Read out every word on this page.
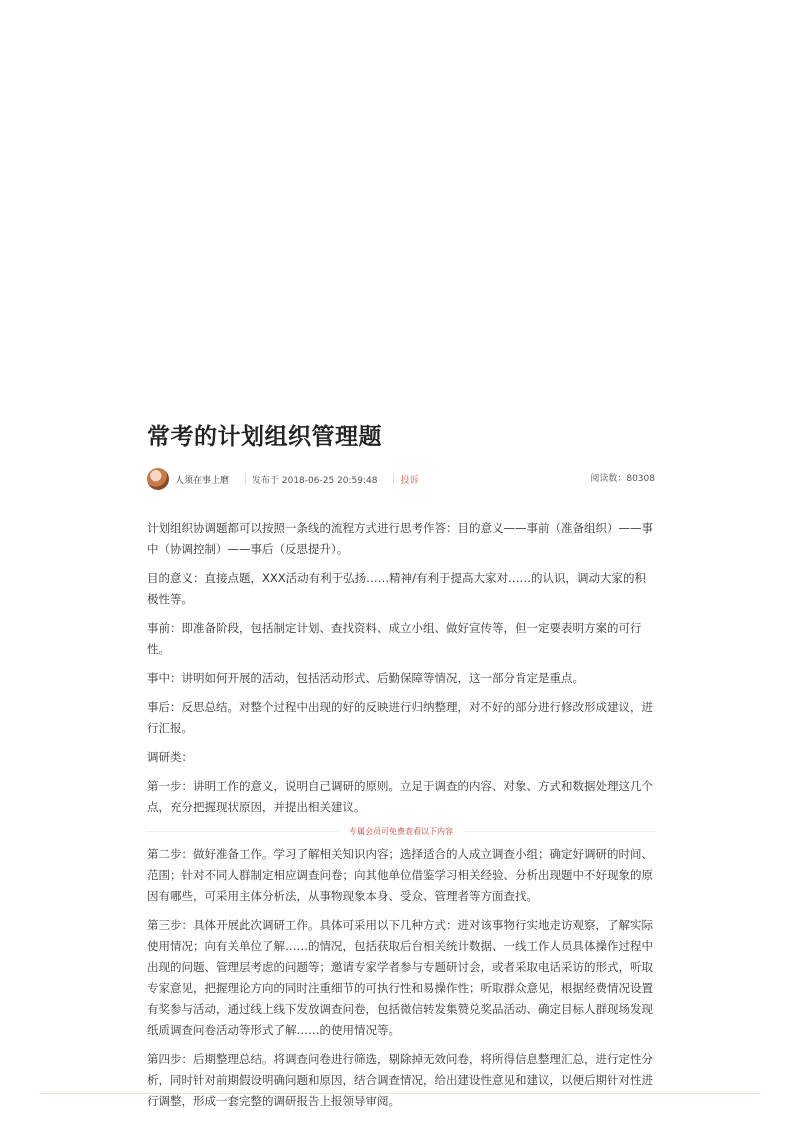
常考的计划组织管理题
人须在事上磨	发布于 2018-06-25 20:59:48	投诉	阅读数：80308

计划组织协调题都可以按照一条线的流程方式进行思考作答：目的意义——事前（准备组织）——事中（协调控制）——事后（反思提升）。

目的意义：直接点题，XXX活动有利于弘扬……精神/有利于提高大家对……的认识，调动大家的积极性等。

事前：即准备阶段，包括制定计划、查找资料、成立小组、做好宣传等，但一定要表明方案的可行性。

事中：讲明如何开展的活动，包括活动形式、后勤保障等情况，这一部分肯定是重点。

事后：反思总结。对整个过程中出现的好的反映进行归纳整理，对不好的部分进行修改形成建议，进行汇报。

调研类：

第一步：讲明工作的意义，说明自己调研的原则。立足于调查的内容、对象、方式和数据处理这几个点，充分把握现状原因，并提出相关建议。

专属会员可免费查看以下内容

第二步：做好准备工作。学习了解相关知识内容；选择适合的人成立调查小组；确定好调研的时间、范围；针对不同人群制定相应调查问卷；向其他单位借鉴学习相关经验、分析出现题中不好现象的原因有哪些，可采用主体分析法，从事物现象本身、受众、管理者等方面查找。

第三步：具体开展此次调研工作。具体可采用以下几种方式：进对该事物行实地走访观察，了解实际使用情况；向有关单位了解……的情况，包括获取后台相关统计数据、一线工作人员具体操作过程中出现的问题、管理层考虑的问题等；邀请专家学者参与专题研讨会，或者采取电话采访的形式，听取专家意见，把握理论方向的同时注重细节的可执行性和易操作性；听取群众意见，根据经费情况设置有奖参与活动，通过线上线下发放调查问卷，包括微信转发集赞兑奖品活动、确定目标人群现场发现纸质调查问卷活动等形式了解……的使用情况等。

第四步：后期整理总结。将调查问卷进行筛选，剔除掉无效问卷，将所得信息整理汇总，进行定性分析，同时针对前期假设明确问题和原因，结合调查情况，给出建设性意见和建议，以便后期针对性进行调整，形成一套完整的调研报告上报领导审阅。
